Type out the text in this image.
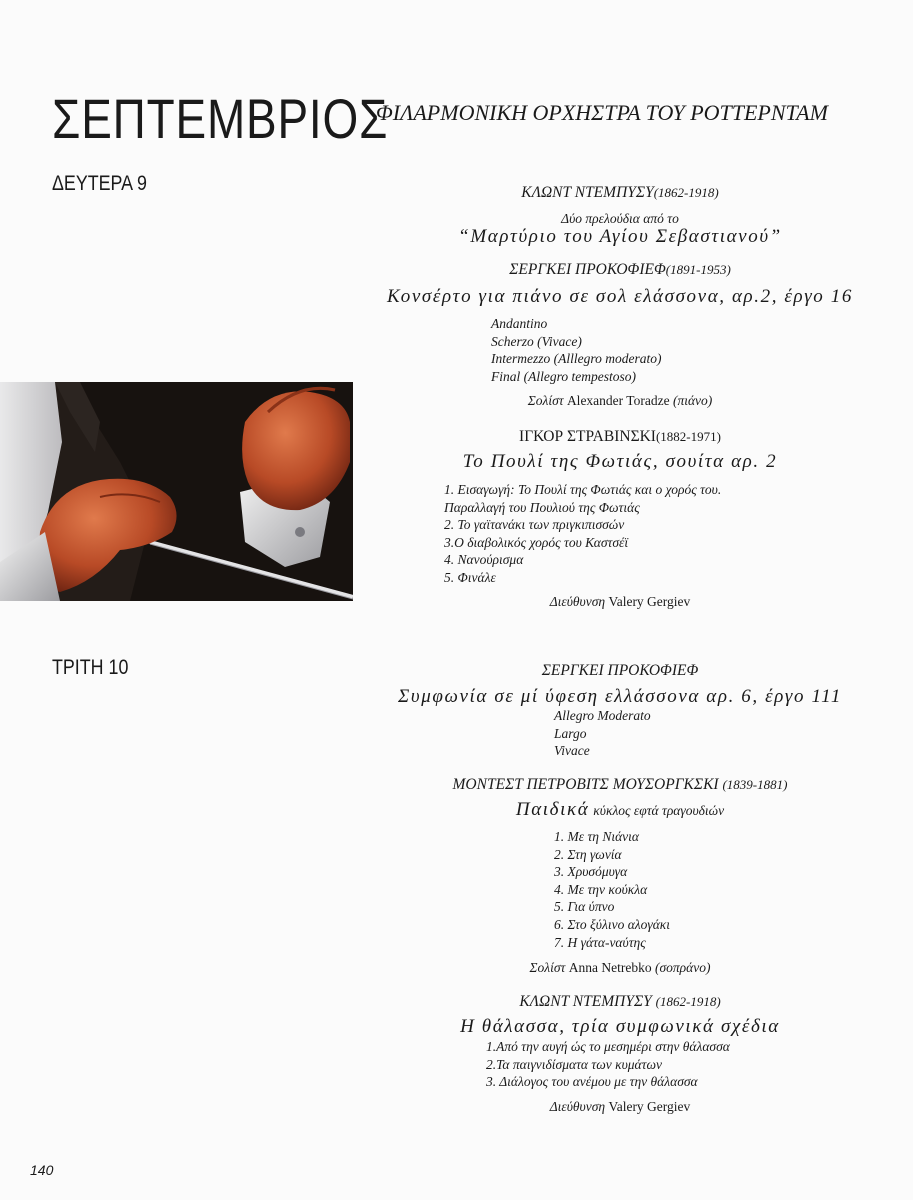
ΣΕΠΤΕΜΒΡΙΟΣ
ΦΙΛΑΡΜΟΝΙΚΗ ΟΡΧΗΣΤΡΑ ΤΟΥ ΡΟΤΤΕΡΝΤΑΜ
ΔΕΥΤΕΡΑ 9	ΚΛΩΝΤ ΝΤΕΜΠΥΣΥ(1862-1918)
Δύο πρελούδια από το
“Μαρτύριο του Αγίου Σεβαστιανού”
ΣΕΡΓΚΕΙ ΠΡΟΚΟΦΙΕΦ(1891-1953)
Κονσέρτο για πιάνο σε σολ ελάσσονα, αρ.2, έργο 16
Andantino
Scherzo (Vivace)
Intermezzo (Alllegro moderato)
Final (Allegro tempestoso)
Σολίστ Alexander Toradze (πιάνο)
ΙΓΚΟΡ ΣΤΡΑΒΙΝΣΚΙ(1882-1971)
Το Πουλί της Φωτιάς, σουίτα αρ. 2
1. Εισαγωγή: Το Πουλί της Φωτιάς και ο χορός του.
Παραλλαγή του Πουλιού της Φωτιάς
2. Το γαϊτανάκι των πριγκιπισσών
3.Ο διαβολικός χορός του Καστσέϊ
4. Νανούρισμα
5. Φινάλε
Διεύθυνση Valery Gergiev
ΤΡΙΤΗ 10	ΣΕΡΓΚΕΙ ΠΡΟΚΟΦΙΕΦ
Συμφωνία σε μί ύφεση ελλάσσονα αρ. 6, έργο 111
Allegro Moderato
Largo
Vivace
ΜΟΝΤΕΣΤ ΠΕΤΡΟΒΙΤΣ ΜΟΥΣΟΡΓΚΣΚΙ (1839-1881)
Παιδικά κύκλος εφτά τραγουδιών
1. Με τη Νιάνια
2. Στη γωνία
3. Χρυσόμυγα
4. Με την κούκλα
5. Για ύπνο
6. Στο ξύλινο αλογάκι
7. Η γάτα-ναύτης
Σολίστ Anna Netrebko (σοπράνο)
ΚΛΩΝΤ ΝΤΕΜΠΥΣΥ (1862-1918)
Η θάλασσα, τρία συμφωνικά σχέδια
1.Από την αυγή ώς το μεσημέρι στην θάλασσα
2.Τα παιγνιδίσματα των κυμάτων
3. Διάλογος του ανέμου με την θάλασσα
Διεύθυνση Valery Gergiev
140
